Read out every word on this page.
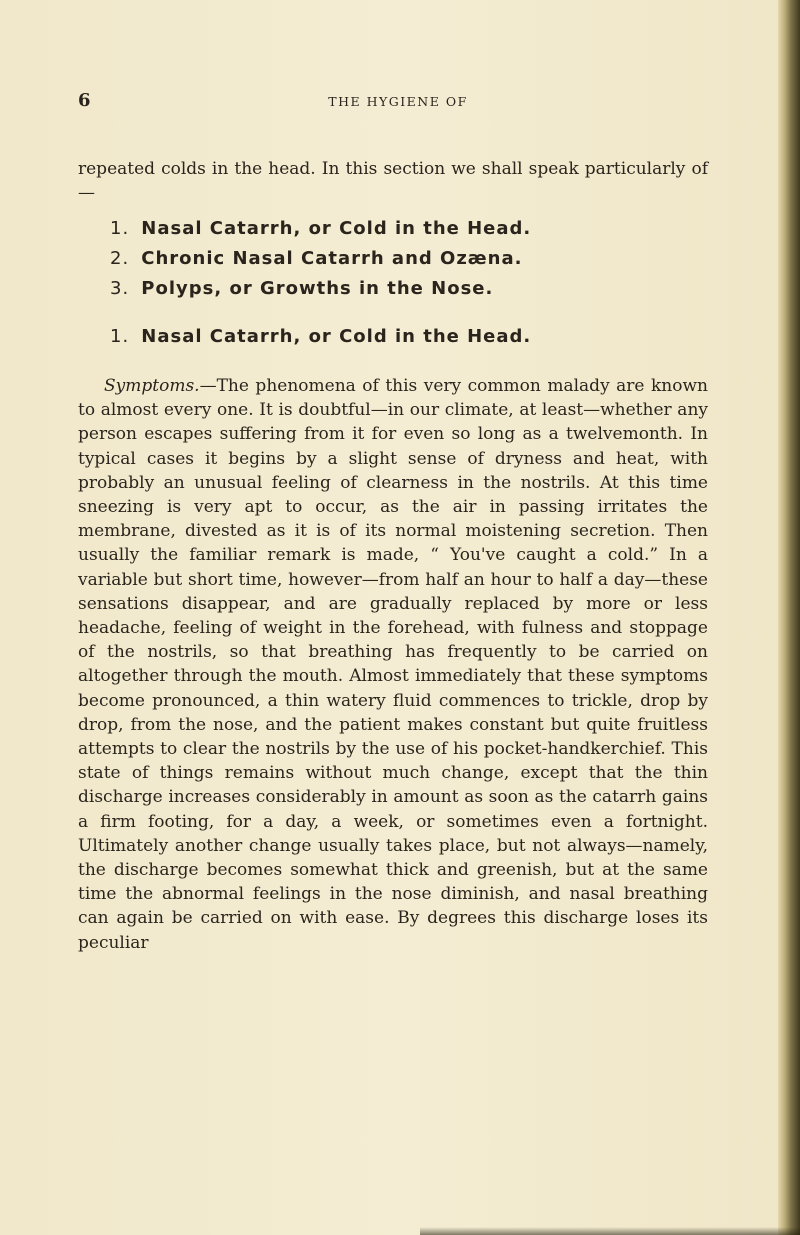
6	THE HYGIENE OF

repeated colds in the head. In this section we shall speak particularly of—

1. Nasal Catarrh, or Cold in the Head.
2. Chronic Nasal Catarrh and Ozæna.
3. Polyps, or Growths in the Nose.
1. Nasal Catarrh, or Cold in the Head.

Symptoms.—The phenomena of this very common malady are known to almost every one. It is doubtful—in our climate, at least—whether any person escapes suffering from it for even so long as a twelvemonth. In typical cases it begins by a slight sense of dryness and heat, with probably an unusual feeling of clearness in the nostrils. At this time sneezing is very apt to occur, as the air in passing irritates the membrane, divested as it is of its normal moistening secretion. Then usually the familiar remark is made, “ You've caught a cold.” In a variable but short time, however—from half an hour to half a day—these sensations disappear, and are gradually replaced by more or less headache, feeling of weight in the forehead, with fulness and stoppage of the nostrils, so that breathing has frequently to be carried on altogether through the mouth. Almost immediately that these symptoms become pronounced, a thin watery fluid commences to trickle, drop by drop, from the nose, and the patient makes constant but quite fruitless attempts to clear the nostrils by the use of his pocket-handkerchief. This state of things remains without much change, except that the thin discharge increases considerably in amount as soon as the catarrh gains a firm footing, for a day, a week, or sometimes even a fortnight. Ultimately another change usually takes place, but not always—namely, the discharge becomes somewhat thick and greenish, but at the same time the abnormal feelings in the nose diminish, and nasal breathing can again be carried on with ease. By degrees this discharge loses its peculiar
